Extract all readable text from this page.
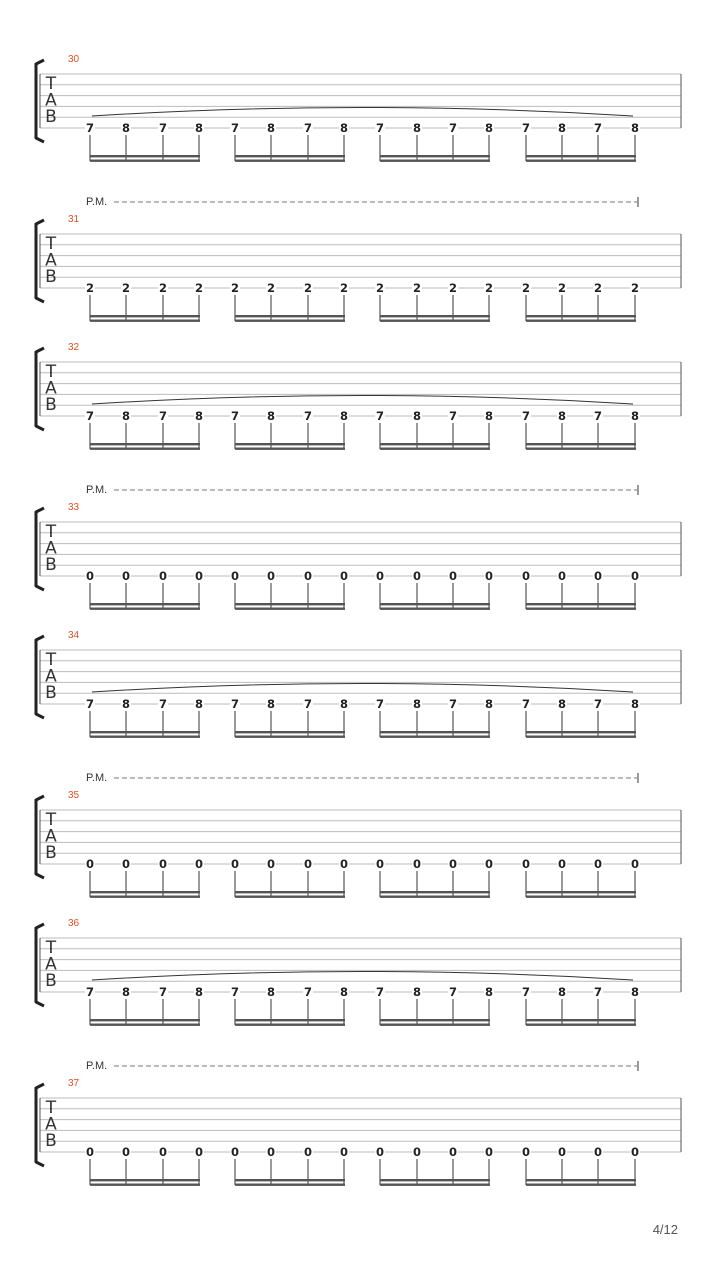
30
T
A
B
7 8	7 8 7 8	7 8 7	8 7 8	7 8 7	8
P.M.
31
T
A
B
2 2	2 2 2 2	2 2 2	2 2 2	2 2 2	2
32
T
A
B
7 8	7 8 7 8	7 8 7	8 7 8	7 8 7	8
P.M.
33
T
A
B
0 0	0 0 0 0	0 0 0	0 0 0	0 0 0	0
34
T
A
B
7 8	7 8 7 8	7 8 7	8 7 8	7 8 7	8
P.M.
35
T
A
B
0 0	0 0 0 0	0 0 0	0 0 0	0 0 0	0
36
T
A
B
7 8	7 8 7 8	7 8 7	8 7 8	7 8 7	8
P.M.
37
T
A
B
0 0	0 0 0 0	0 0 0	0 0 0	0 0 0	0
4/12
